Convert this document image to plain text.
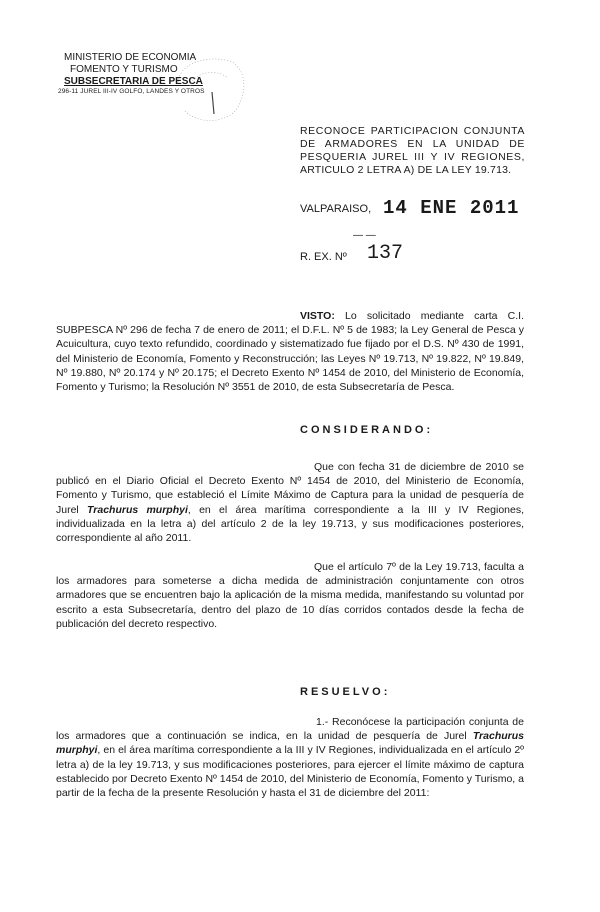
MINISTERIO DE ECONOMIA
FOMENTO Y TURISMO
SUBSECRETARIA DE PESCA
296-11 JUREL III-IV GOLFO, LANDES Y OTROS
RECONOCE PARTICIPACION CONJUNTA
DE ARMADORES EN LA UNIDAD DE
PESQUERIA JUREL III Y IV REGIONES,
ARTICULO 2 LETRA A) DE LA LEY 19.713.
VALPARAISO, 14 ENE 2011
— —
R. EX. Nº 137

VISTO: Lo solicitado mediante carta C.I. SUBPESCA Nº 296 de fecha 7 de enero de 2011; el D.F.L. Nº 5 de 1983; la Ley General de Pesca y Acuicultura, cuyo texto refundido, coordinado y sistematizado fue fijado por el D.S. Nº 430 de 1991, del Ministerio de Economía, Fomento y Reconstrucción; las Leyes Nº 19.713, Nº 19.822, Nº 19.849, Nº 19.880, Nº 20.174 y Nº 20.175; el Decreto Exento Nº 1454 de 2010, del Ministerio de Economía, Fomento y Turismo; la Resolución Nº 3551 de 2010, de esta Subsecretaría de Pesca.

CONSIDERANDO:

Que con fecha 31 de diciembre de 2010 se publicó en el Diario Oficial el Decreto Exento Nº 1454 de 2010, del Ministerio de Economía, Fomento y Turismo, que estableció el Límite Máximo de Captura para la unidad de pesquería de Jurel Trachurus murphyi, en el área marítima correspondiente a la III y IV Regiones, individualizada en la letra a) del artículo 2 de la ley 19.713, y sus modificaciones posteriores, correspondiente al año 2011.

Que el artículo 7º de la Ley 19.713, faculta a los armadores para someterse a dicha medida de administración conjuntamente con otros armadores que se encuentren bajo la aplicación de la misma medida, manifestando su voluntad por escrito a esta Subsecretaría, dentro del plazo de 10 días corridos contados desde la fecha de publicación del decreto respectivo.

RESUELVO:

1.- Reconócese la participación conjunta de los armadores que a continuación se indica, en la unidad de pesquería de Jurel Trachurus murphyi, en el área marítima correspondiente a la III y IV Regiones, individualizada en el artículo 2º letra a) de la ley 19.713, y sus modificaciones posteriores, para ejercer el límite máximo de captura establecido por Decreto Exento Nº 1454 de 2010, del Ministerio de Economía, Fomento y Turismo, a partir de la fecha de la presente Resolución y hasta el 31 de diciembre del 2011:
